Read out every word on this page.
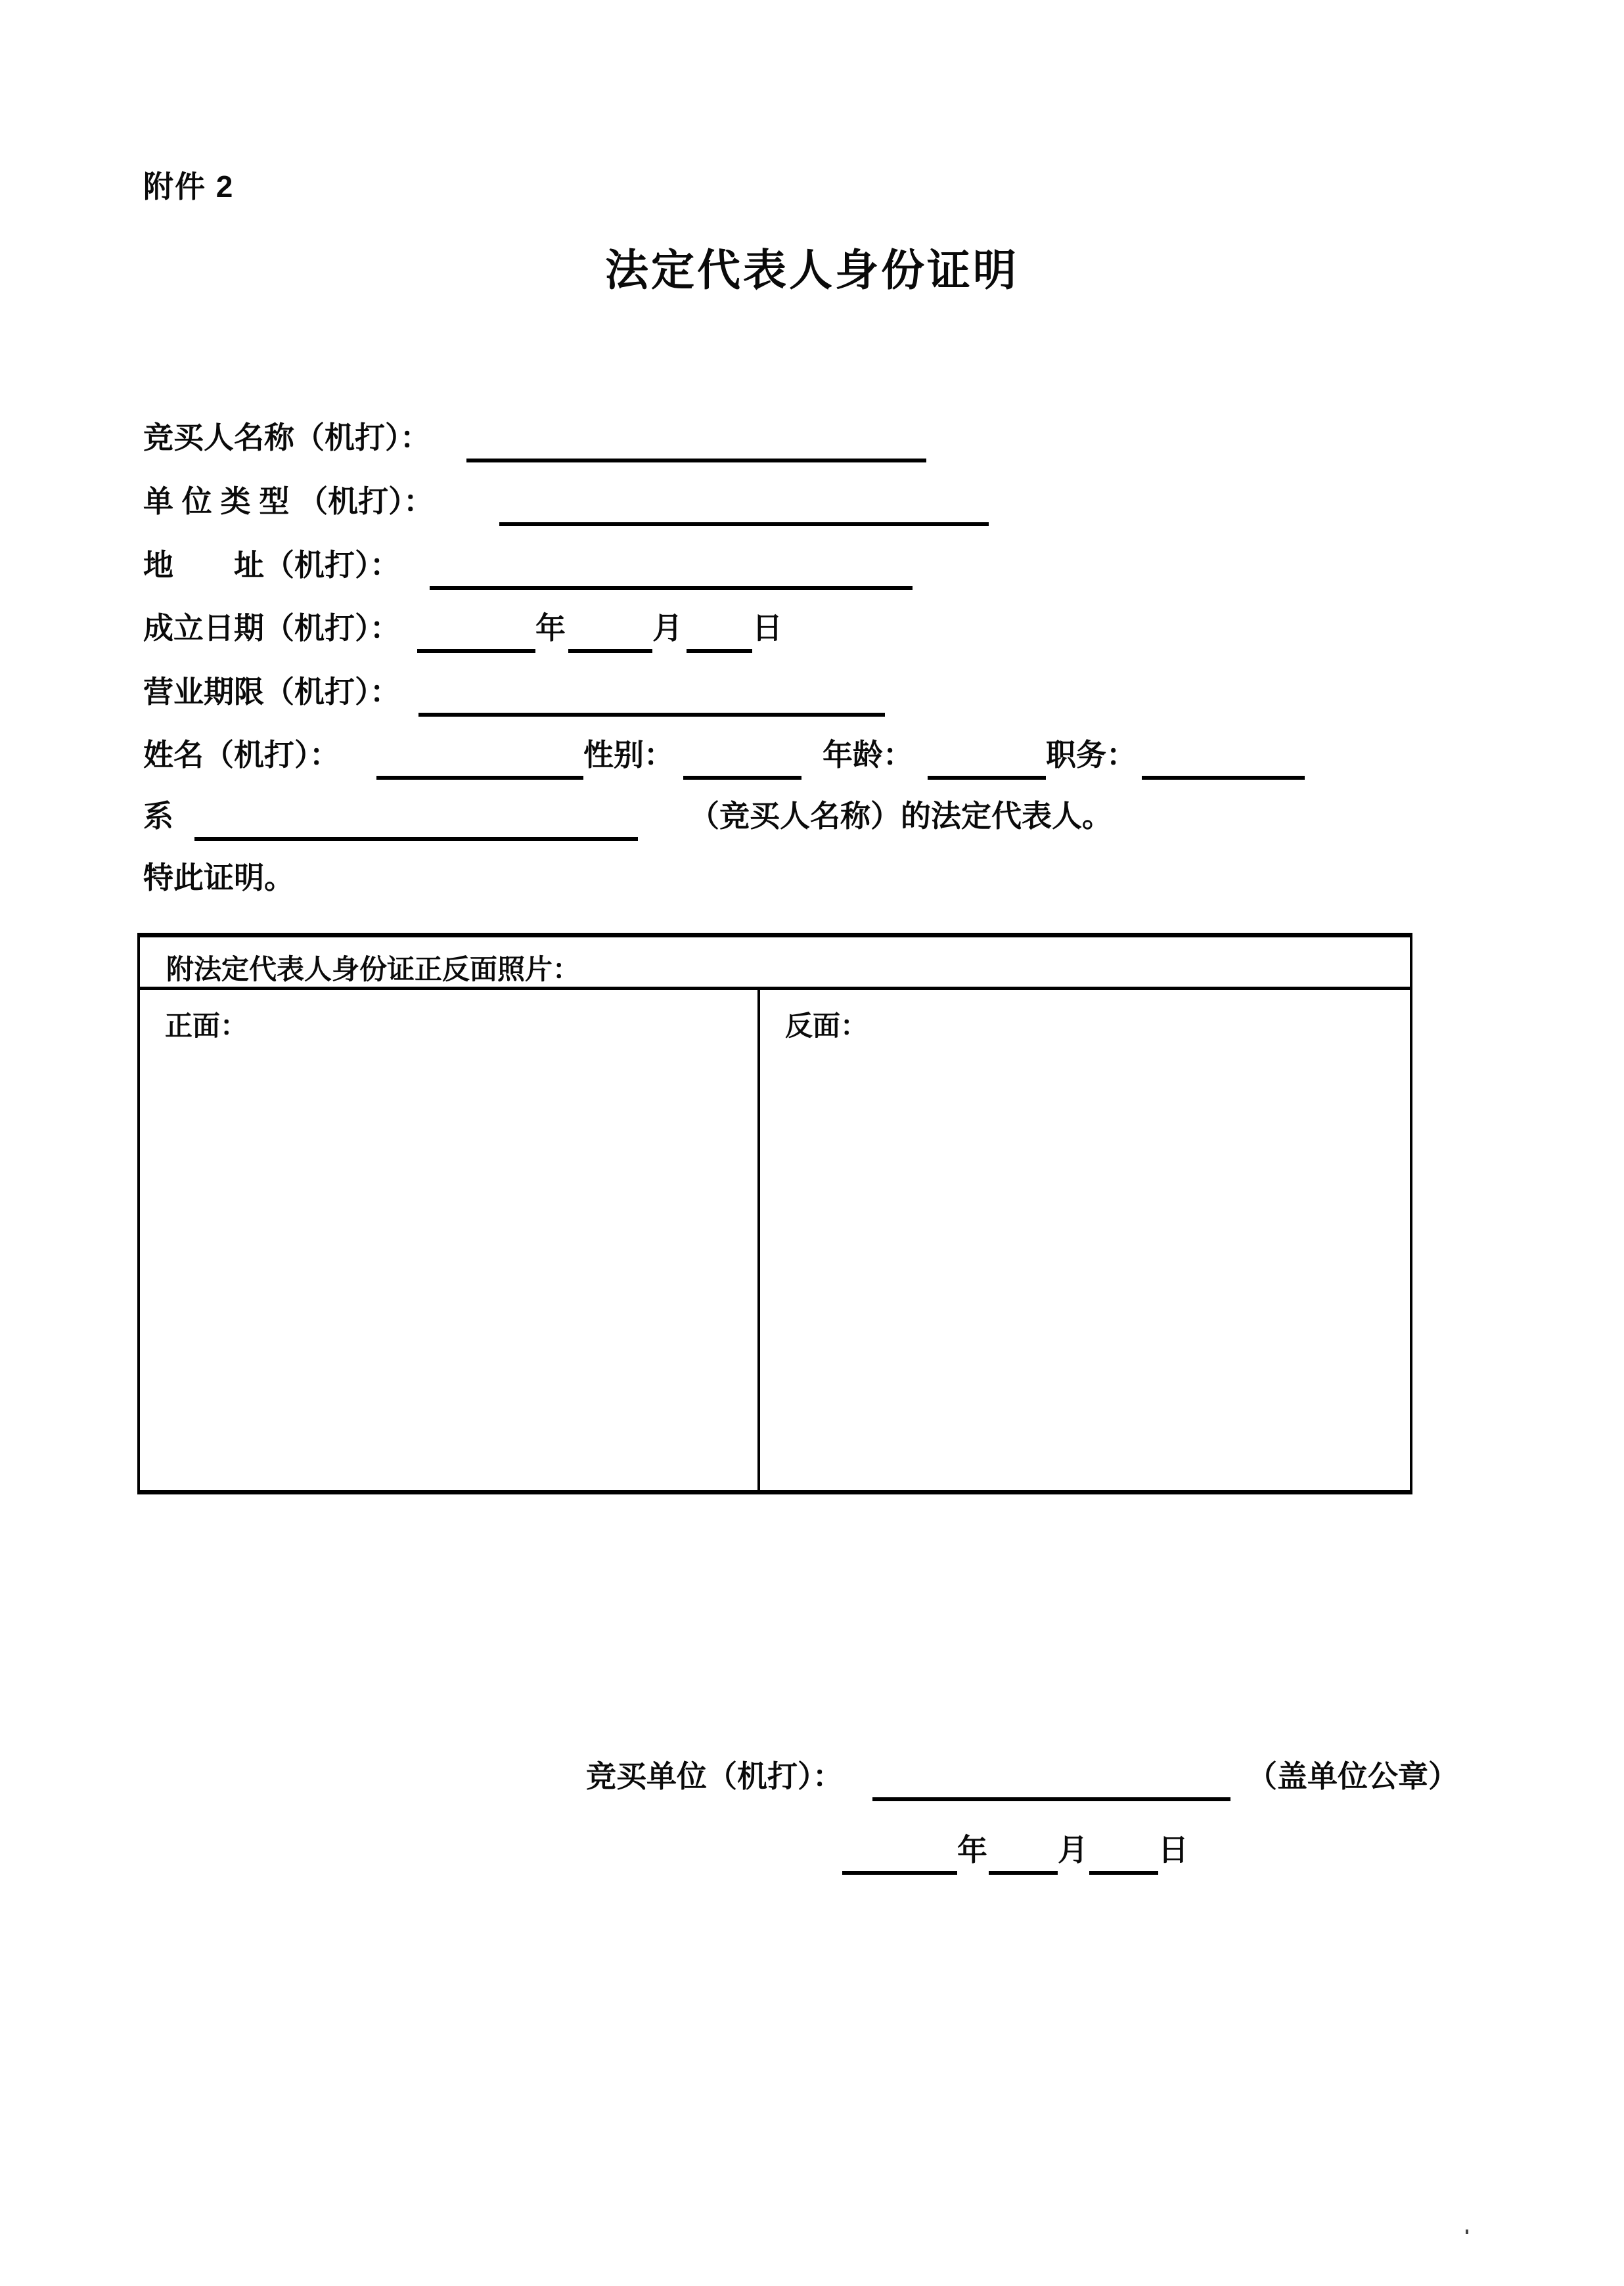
附件 2
法定代表人身份证明
竞买人名称（机打）：
单 位 类 型 （机打）：
地　　址（机打）：
成立日期（机打）：	年	月 日
营业期限（机打）：
姓名（机打）：	性别：	年龄：	职务：
系	（竞买人名称）的法定代表人。
特此证明。
附法定代表人身份证正反面照片：
正面：	反面：
竞买单位（机打）：	（盖单位公章）
年 月 日
